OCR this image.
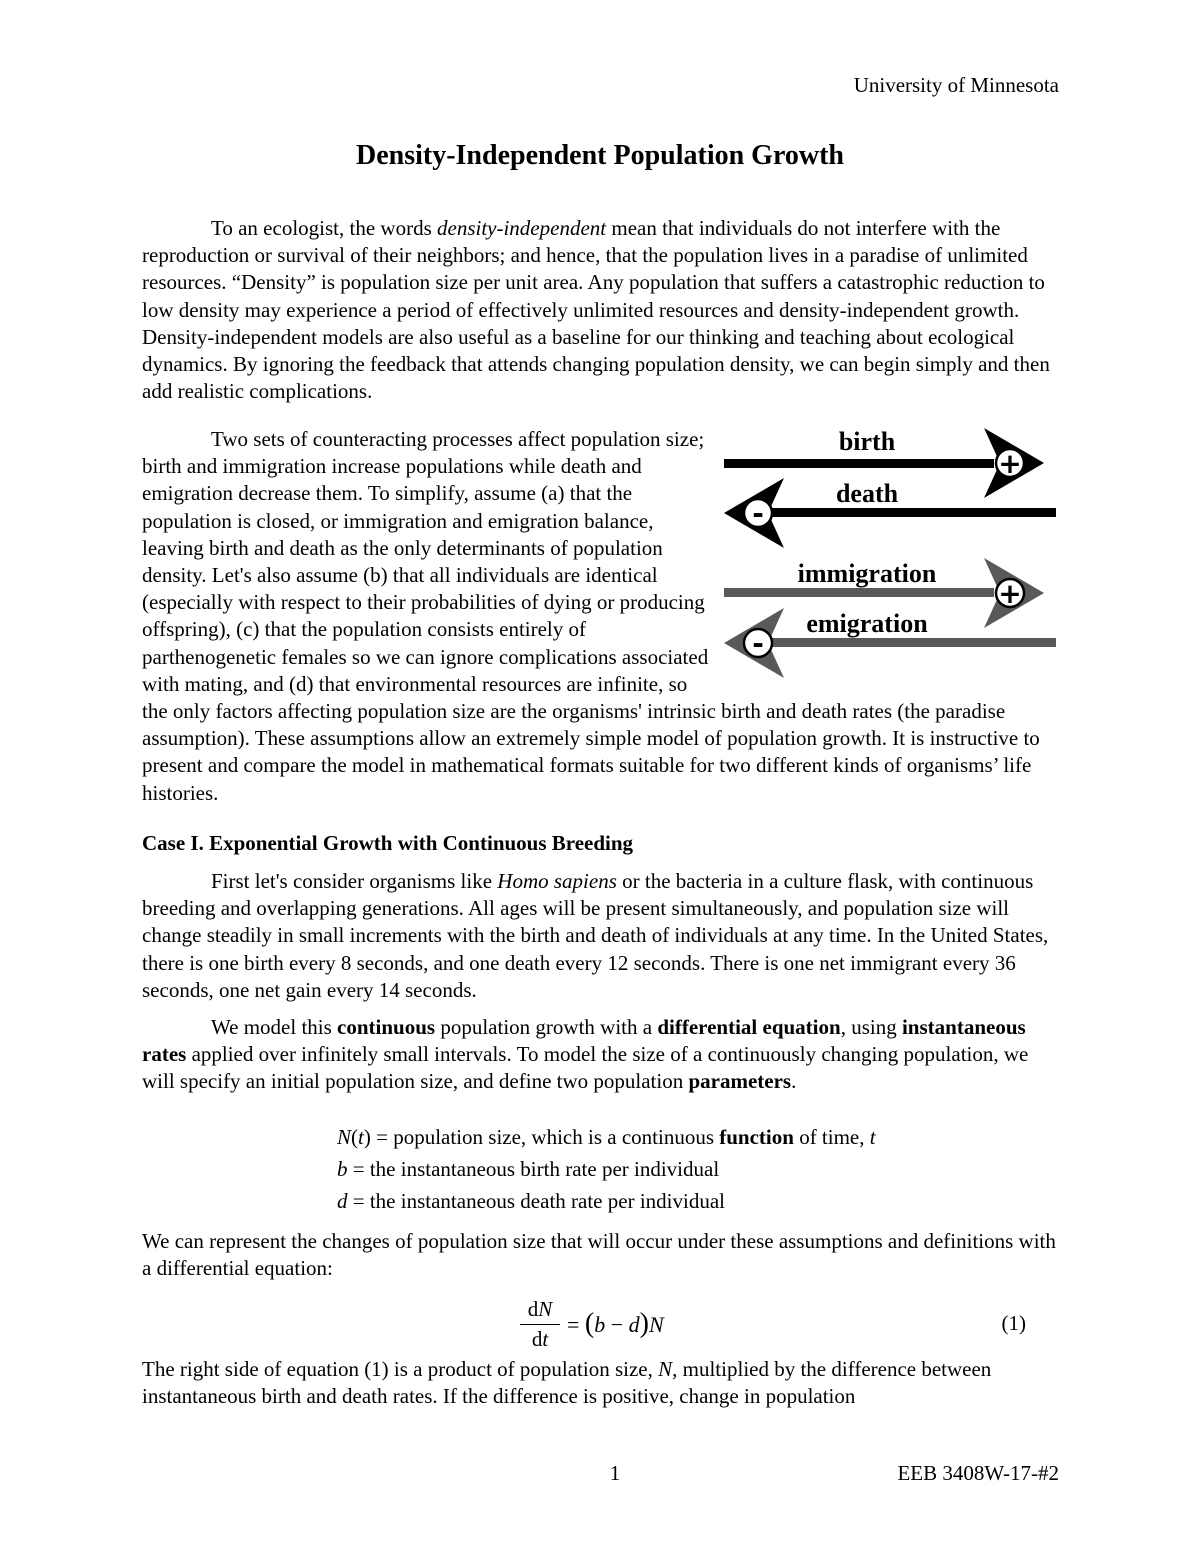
University of Minnesota
Density-Independent Population Growth

To an ecologist, the words density-independent mean that individuals do not interfere with the reproduction or survival of their neighbors; and hence, that the population lives in a paradise of unlimited resources. “Density” is population size per unit area. Any population that suffers a catastrophic reduction to low density may experience a period of effectively unlimited resources and density-independent growth. Density-independent models are also useful as a baseline for our thinking and teaching about ecological dynamics. By ignoring the feedback that attends changing population density, we can begin simply and then add realistic complications.

+
birth
-
death
+
immigration
-
emigration

Two sets of counteracting processes affect population size; birth and immigration increase populations while death and emigration decrease them. To simplify, assume (a) that the population is closed, or immigration and emigration balance, leaving birth and death as the only determinants of population density. Let's also assume (b) that all individuals are identical (especially with respect to their probabilities of dying or producing offspring), (c) that the population consists entirely of parthenogenetic females so we can ignore complications associated with mating, and (d) that environmental resources are infinite, so the only factors affecting population size are the organisms' intrinsic birth and death rates (the paradise assumption). These assumptions allow an extremely simple model of population growth. It is instructive to present and compare the model in mathematical formats suitable for two different kinds of organisms’ life histories.

Case I. Exponential Growth with Continuous Breeding

First let's consider organisms like Homo sapiens or the bacteria in a culture flask, with continuous breeding and overlapping generations. All ages will be present simultaneously, and population size will change steadily in small increments with the birth and death of individuals at any time. In the United States, there is one birth every 8 seconds, and one death every 12 seconds. There is one net immigrant every 36 seconds, one net gain every 14 seconds.

We model this continuous population growth with a differential equation, using instantaneous rates applied over infinitely small intervals. To model the size of a continuously changing population, we will specify an initial population size, and define two population parameters.

N(t) = population size, which is a continuous function of time, t

b = the instantaneous birth rate per individual

d = the instantaneous death rate per individual

We can represent the changes of population size that will occur under these assumptions and definitions with a differential equation:

$\frac{dN}{dt} = (b - d)N$	(1)

The right side of equation (1) is a product of population size, N, multiplied by the difference between instantaneous birth and death rates. If the difference is positive, change in population

1	EEB 3408W-17-#2
